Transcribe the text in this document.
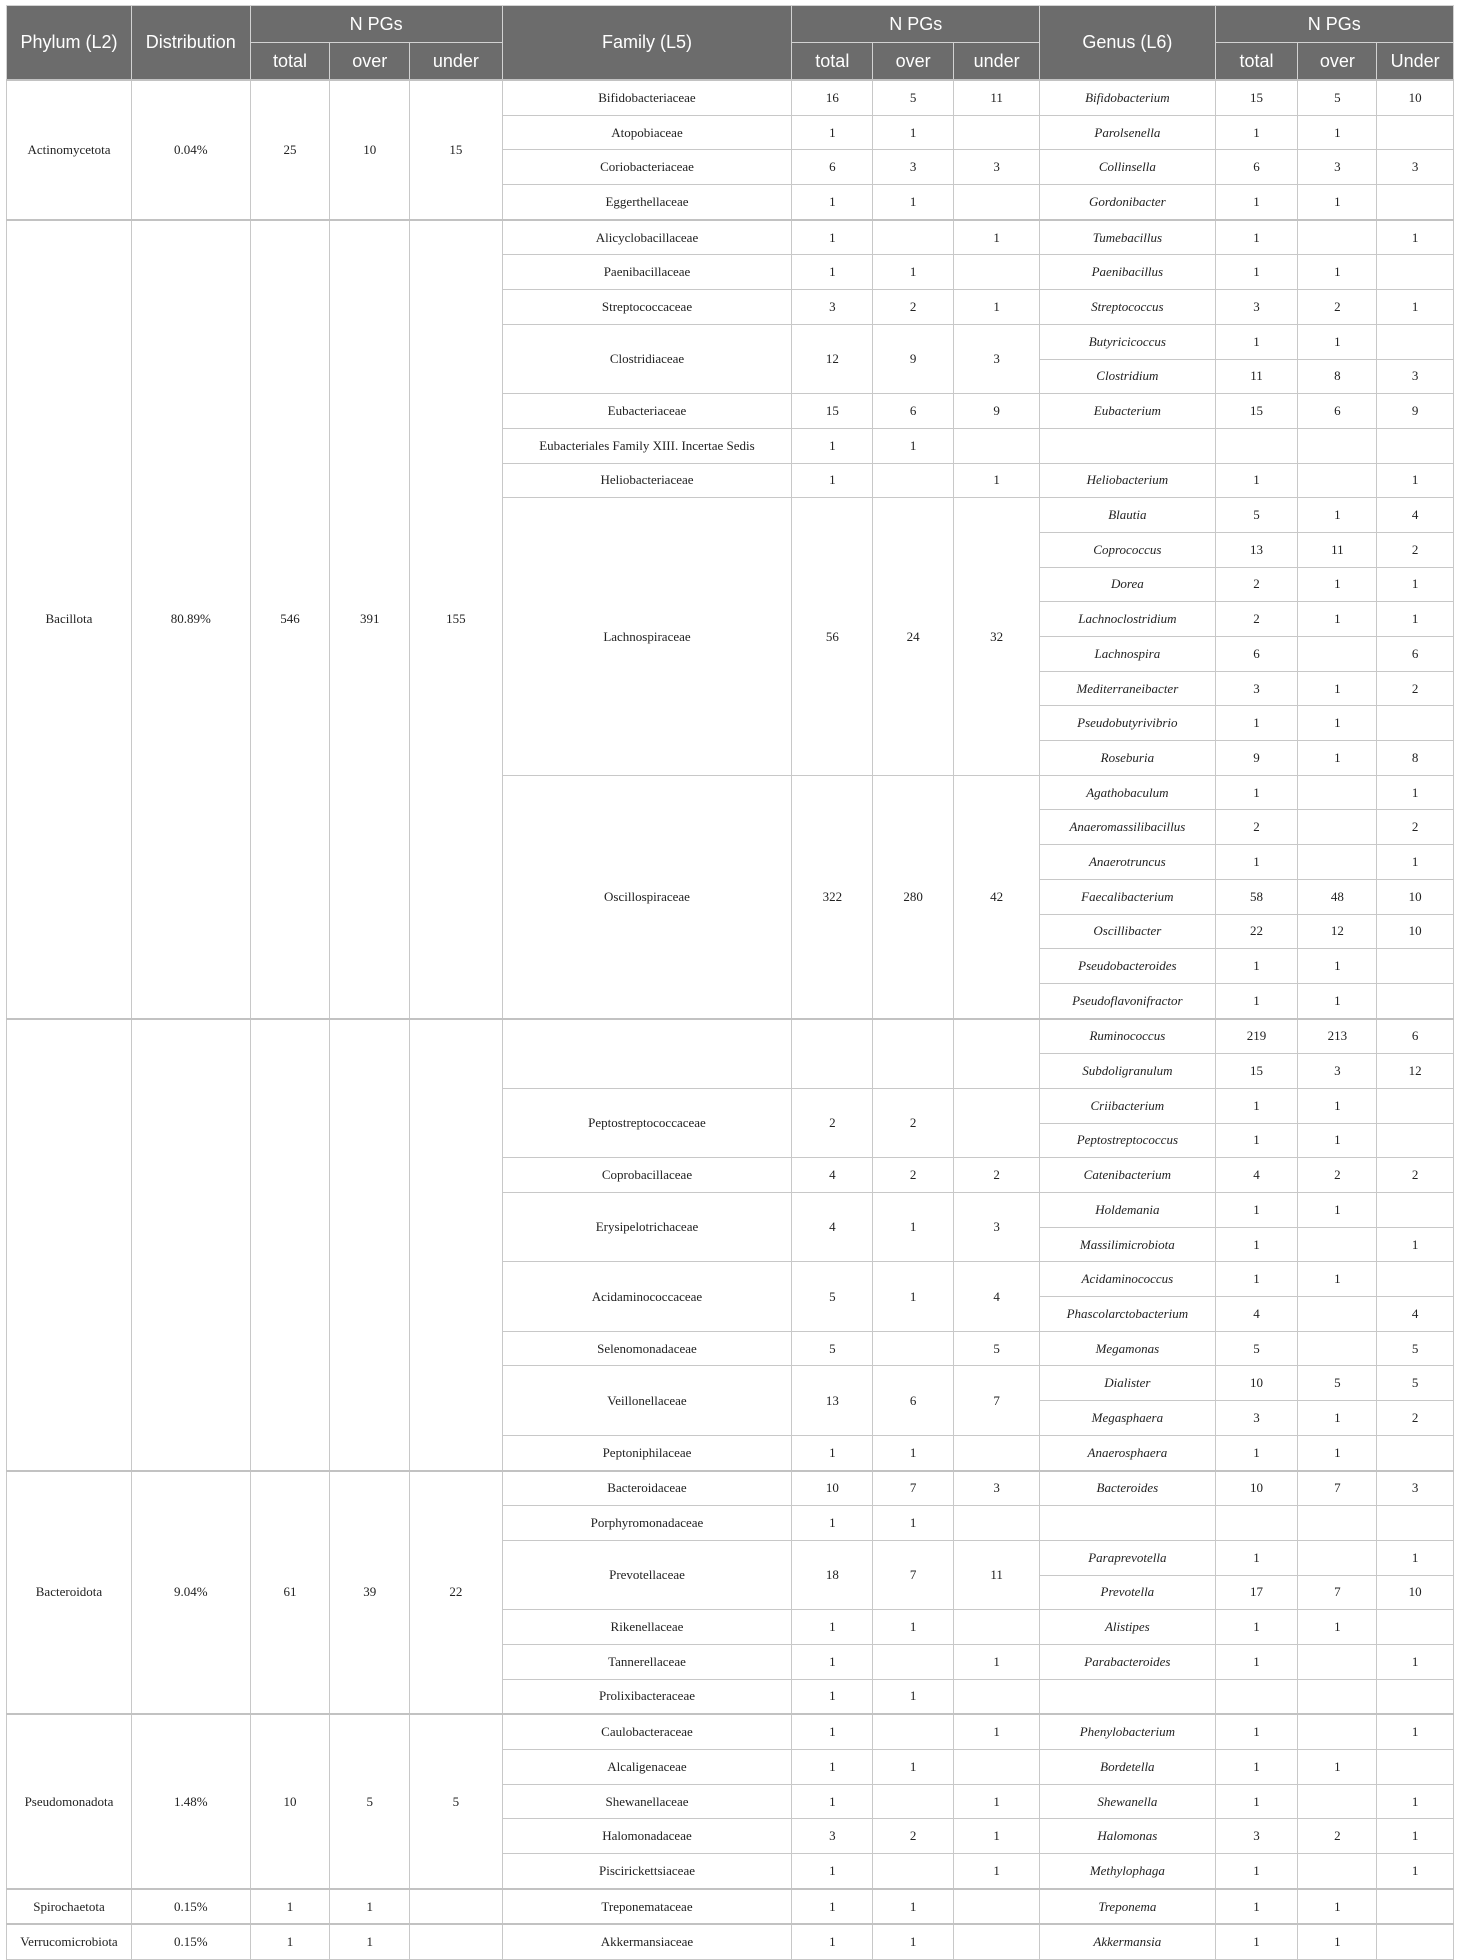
Phylum (L2)	Distribution	N PGs			Family (L5)	N PGs			Genus (L6)	N PGs		
		total	over	under		total	over	under		total	over	Under
Actinomycetota	0.04%	25	10	15	Bifidobacteriaceae	16	5	11	Bifidobacterium	15	5	10
					Atopobiaceae	1	1		Parolsenella	1	1	
					Coriobacteriaceae	6	3	3	Collinsella	6	3	3
					Eggerthellaceae	1	1		Gordonibacter	1	1	
Bacillota	80.89%	546	391	155	Alicyclobacillaceae	1		1	Tumebacillus	1		1
					Paenibacillaceae	1	1		Paenibacillus	1	1	
					Streptococcaceae	3	2	1	Streptococcus	3	2	1
					Clostridiaceae	12	9	3	Butyricicoccus	1	1	
									Clostridium	11	8	3
					Eubacteriaceae	15	6	9	Eubacterium	15	6	9
					Eubacteriales Family XIII. Incertae Sedis	1	1					
					Heliobacteriaceae	1		1	Heliobacterium	1		1
					Lachnospiraceae	56	24	32	Blautia	5	1	4
									Coprococcus	13	11	2
									Dorea	2	1	1
									Lachnoclostridium	2	1	1
									Lachnospira	6		6
									Mediterraneibacter	3	1	2
									Pseudobutyrivibrio	1	1	
									Roseburia	9	1	8
					Oscillospiraceae	322	280	42	Agathobaculum	1		1
									Anaeromassilibacillus	2		2
									Anaerotruncus	1		1
									Faecalibacterium	58	48	10
									Oscillibacter	22	12	10
									Pseudobacteroides	1	1	
									Pseudoflavonifractor	1	1	
									Ruminococcus	219	213	6
									Subdoligranulum	15	3	12
					Peptostreptococcaceae	2	2		Criibacterium	1	1	
									Peptostreptococcus	1	1	
					Coprobacillaceae	4	2	2	Catenibacterium	4	2	2
					Erysipelotrichaceae	4	1	3	Holdemania	1	1	
									Massilimicrobiota	1		1
					Acidaminococcaceae	5	1	4	Acidaminococcus	1	1	
									Phascolarctobacterium	4		4
					Selenomonadaceae	5		5	Megamonas	5		5
					Veillonellaceae	13	6	7	Dialister	10	5	5
									Megasphaera	3	1	2
					Peptoniphilaceae	1	1		Anaerosphaera	1	1	
Bacteroidota	9.04%	61	39	22	Bacteroidaceae	10	7	3	Bacteroides	10	7	3
					Porphyromonadaceae	1	1					
					Prevotellaceae	18	7	11	Paraprevotella	1		1
									Prevotella	17	7	10
					Rikenellaceae	1	1		Alistipes	1	1	
					Tannerellaceae	1		1	Parabacteroides	1		1
					Prolixibacteraceae	1	1					
Pseudomonadota	1.48%	10	5	5	Caulobacteraceae	1		1	Phenylobacterium	1		1
					Alcaligenaceae	1	1		Bordetella	1	1	
					Shewanellaceae	1		1	Shewanella	1		1
					Halomonadaceae	3	2	1	Halomonas	3	2	1
					Piscirickettsiaceae	1		1	Methylophaga	1		1
Spirochaetota	0.15%	1	1		Treponemataceae	1	1		Treponema	1	1	
Verrucomicrobiota	0.15%	1	1		Akkermansiaceae	1	1		Akkermansia	1	1	
